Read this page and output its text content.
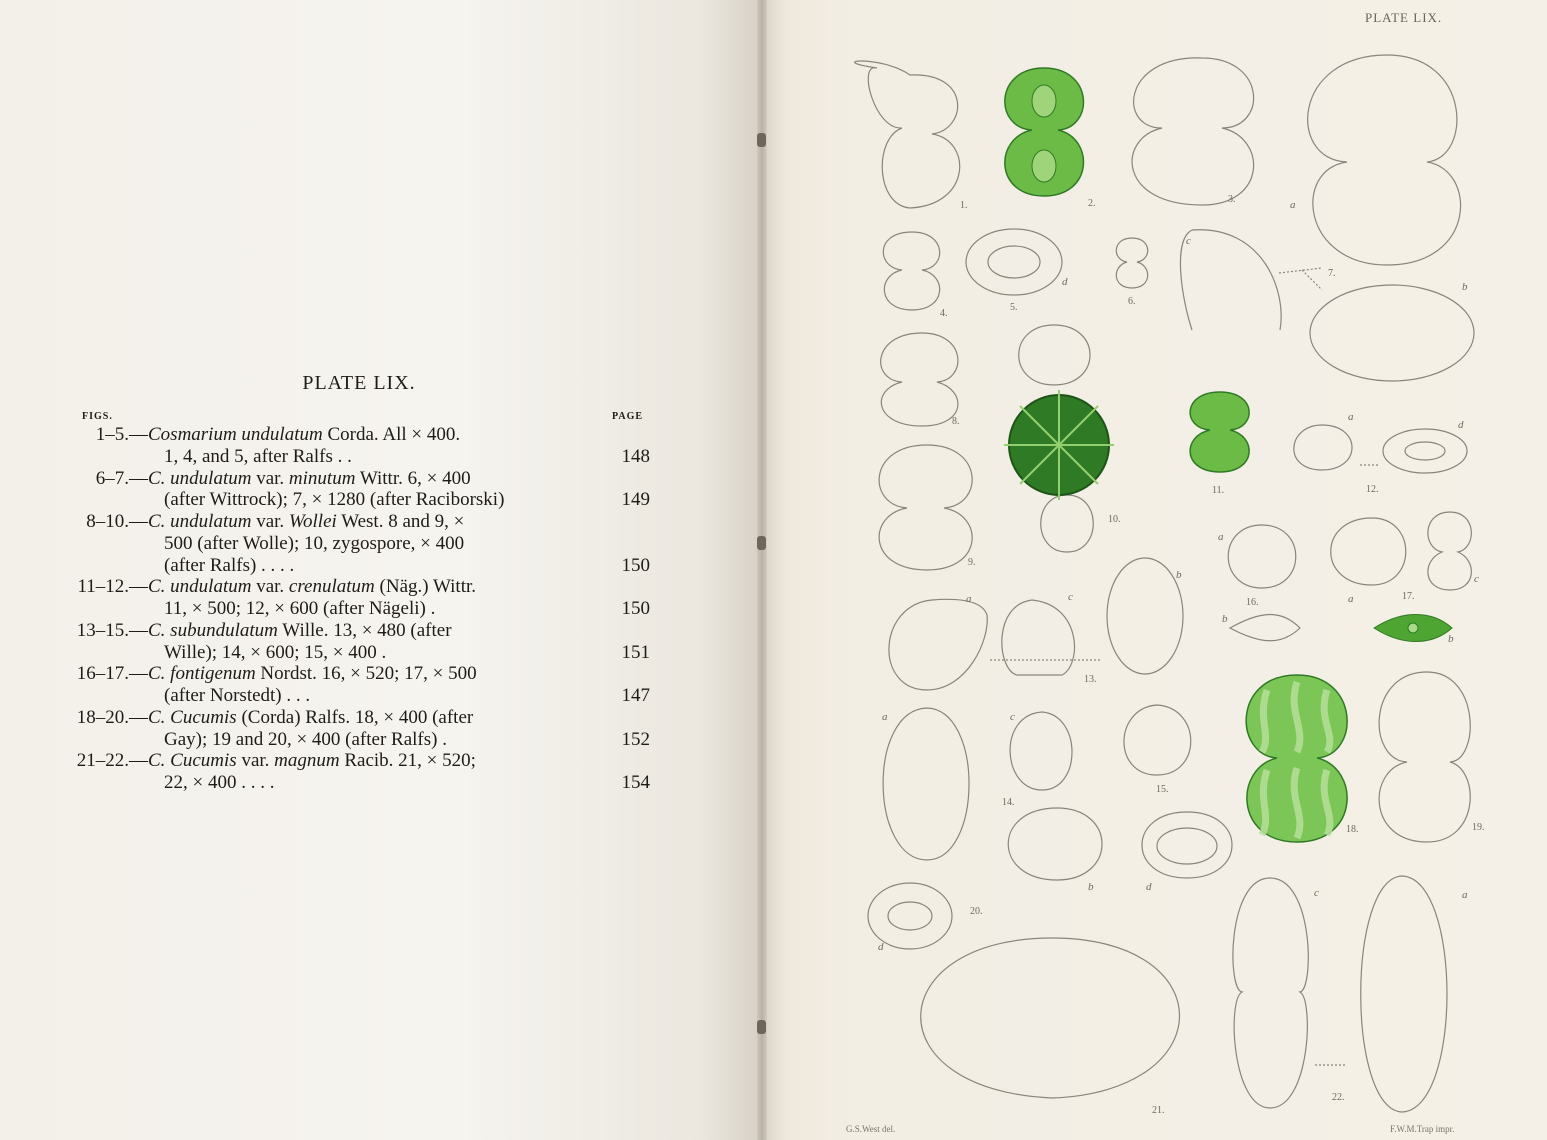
PLATE LIX.
FIGS.	PAGE
1–5.— Cosmarium undulatum Corda. All × 400.
1, 4, and 5, after Ralfs . .	148
6–7.— C. undulatum var. minutum Wittr. 6, × 400
(after Wittrock); 7, × 1280 (after Raciborski)	149
8–10.— C. undulatum var. Wollei West. 8 and 9, ×
500 (after Wolle); 10, zygospore, × 400
(after Ralfs) . . . .	150
11–12.— C. undulatum var. crenulatum (Näg.) Wittr.
11, × 500; 12, × 600 (after Nägeli) .	150
13–15.— C. subundulatum Wille. 13, × 480 (after
Wille); 14, × 600; 15, × 400 .	151
16–17.— C. fontigenum Nordst. 16, × 520; 17, × 500
(after Norstedt) . . .	147
18–20.— C. Cucumis (Corda) Ralfs. 18, × 400 (after
Gay); 19 and 20, × 400 (after Ralfs) .	152
21–22.— C. Cucumis var. magnum Racib. 21, × 520;
22, × 400 . . . .	154
1.	2.	3.
4.
5.
6.
7.
8.
9.
10.
11.	12.
13.
14.
15.
16.
17.
18.	19.
20.
21.
22.
a
b
c
d
a
d
a
b
a
c
b
a	c
b
a	c
b	d
d
c	a
PLATE LIX.
G.S.West del.	F.W.M.Trap impr.
